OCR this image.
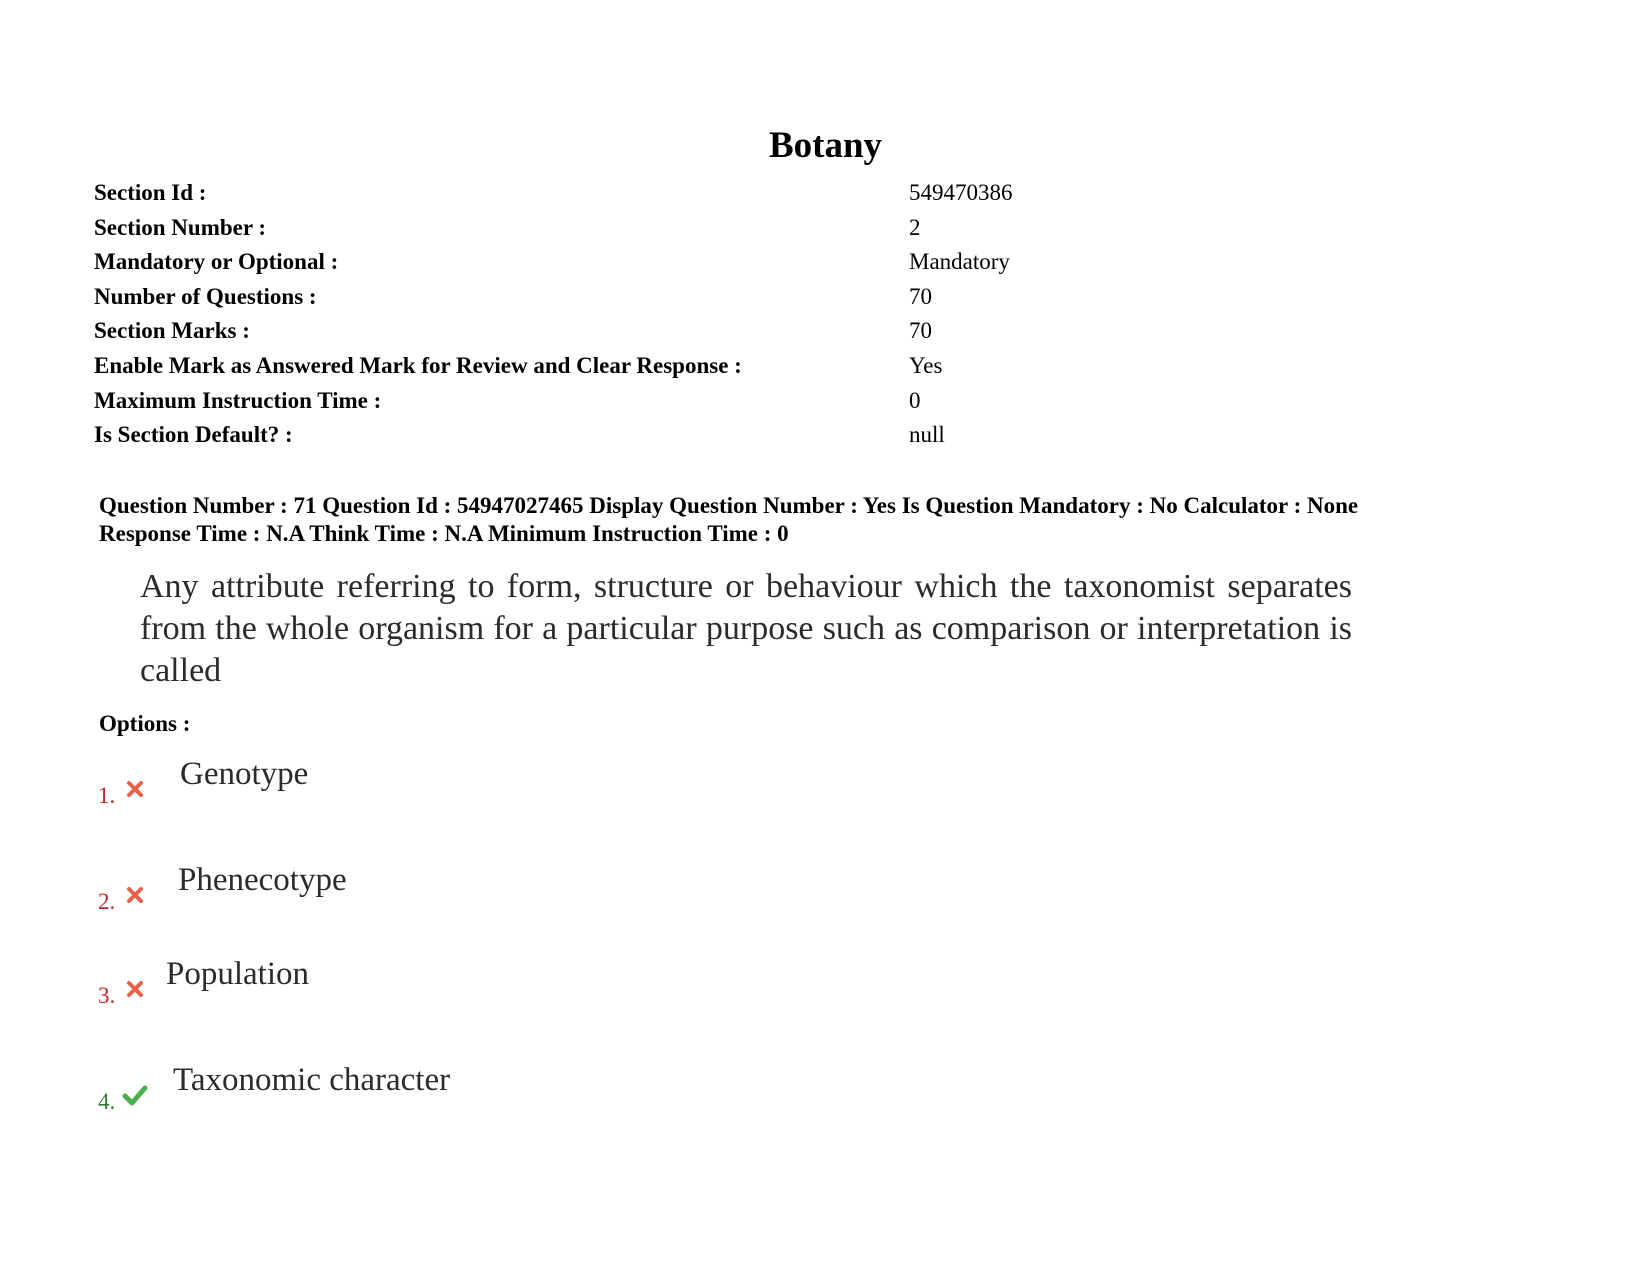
Botany
Section Id :	549470386
Section Number :	2
Mandatory or Optional :	Mandatory
Number of Questions :	70
Section Marks :	70
Enable Mark as Answered Mark for Review and Clear Response :	Yes
Maximum Instruction Time :	0
Is Section Default? :	null
Question Number : 71 Question Id : 54947027465 Display Question Number : Yes Is Question Mandatory : No Calculator : None
Response Time : N.A Think Time : N.A Minimum Instruction Time : 0
Any attribute referring to form, structure or behaviour which the taxonomist separates from the whole organism for a particular purpose such as comparison or interpretation is called
Options :
1.
Genotype
2.
Phenecotype
3.
Population
4.
Taxonomic character
